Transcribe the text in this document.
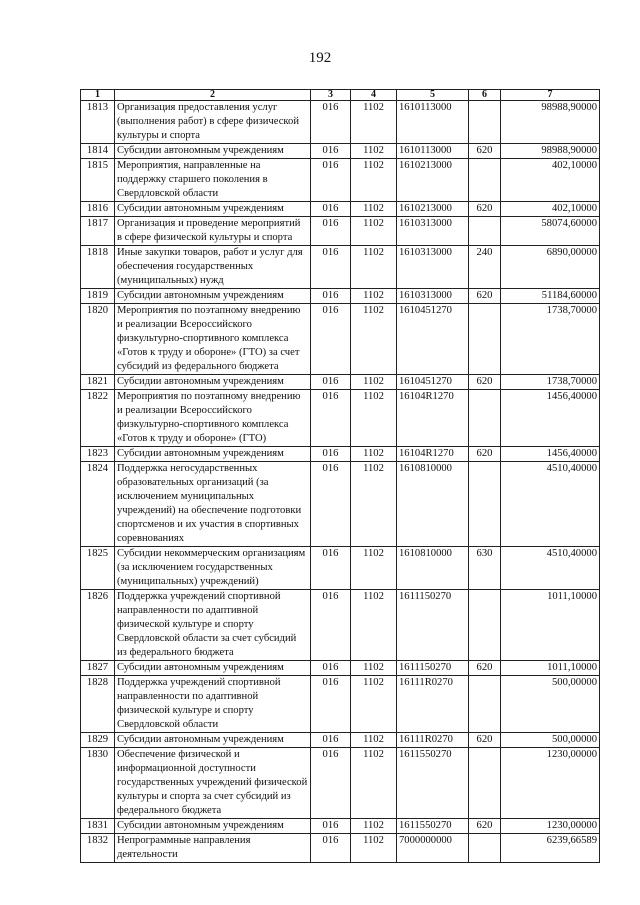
192
1	2	3	4	5	6	7
1813	Организация предоставления услуг (выполнения работ) в сфере физической культуры и спорта	016	1102	1610113000		98988,90000
1814	Субсидии автономным учреждениям	016	1102	1610113000	620	98988,90000
1815	Мероприятия, направленные на поддержку старшего поколения в Свердловской области	016	1102	1610213000		402,10000
1816	Субсидии автономным учреждениям	016	1102	1610213000	620	402,10000
1817	Организация и проведение мероприятий в сфере физической культуры и спорта	016	1102	1610313000		58074,60000
1818	Иные закупки товаров, работ и услуг для обеспечения государственных (муниципальных) нужд	016	1102	1610313000	240	6890,00000
1819	Субсидии автономным учреждениям	016	1102	1610313000	620	51184,60000
1820	Мероприятия по поэтапному внедрению и реализации Всероссийского физкультурно-спортивного комплекса «Готов к труду и обороне» (ГТО) за счет субсидий из федерального бюджета	016	1102	1610451270		1738,70000
1821	Субсидии автономным учреждениям	016	1102	1610451270	620	1738,70000
1822	Мероприятия по поэтапному внедрению и реализации Всероссийского физкультурно-спортивного комплекса «Готов к труду и обороне» (ГТО)	016	1102	16104R1270		1456,40000
1823	Субсидии автономным учреждениям	016	1102	16104R1270	620	1456,40000
1824	Поддержка негосударственных образовательных организаций (за исключением муниципальных учреждений) на обеспечение подготовки спортсменов и их участия в спортивных соревнованиях	016	1102	1610810000		4510,40000
1825	Субсидии некоммерческим организациям (за исключением государственных (муниципальных) учреждений)	016	1102	1610810000	630	4510,40000
1826	Поддержка учреждений спортивной направленности по адаптивной физической культуре и спорту Свердловской области за счет субсидий из федерального бюджета	016	1102	1611150270		1011,10000
1827	Субсидии автономным учреждениям	016	1102	1611150270	620	1011,10000
1828	Поддержка учреждений спортивной направленности по адаптивной физической культуре и спорту Свердловской области	016	1102	16111R0270		500,00000
1829	Субсидии автономным учреждениям	016	1102	16111R0270	620	500,00000
1830	Обеспечение физической и информационной доступности государственных учреждений физической культуры и спорта за счет субсидий из федерального бюджета	016	1102	1611550270		1230,00000
1831	Субсидии автономным учреждениям	016	1102	1611550270	620	1230,00000
1832	Непрограммные направления деятельности	016	1102	7000000000		6239,66589
